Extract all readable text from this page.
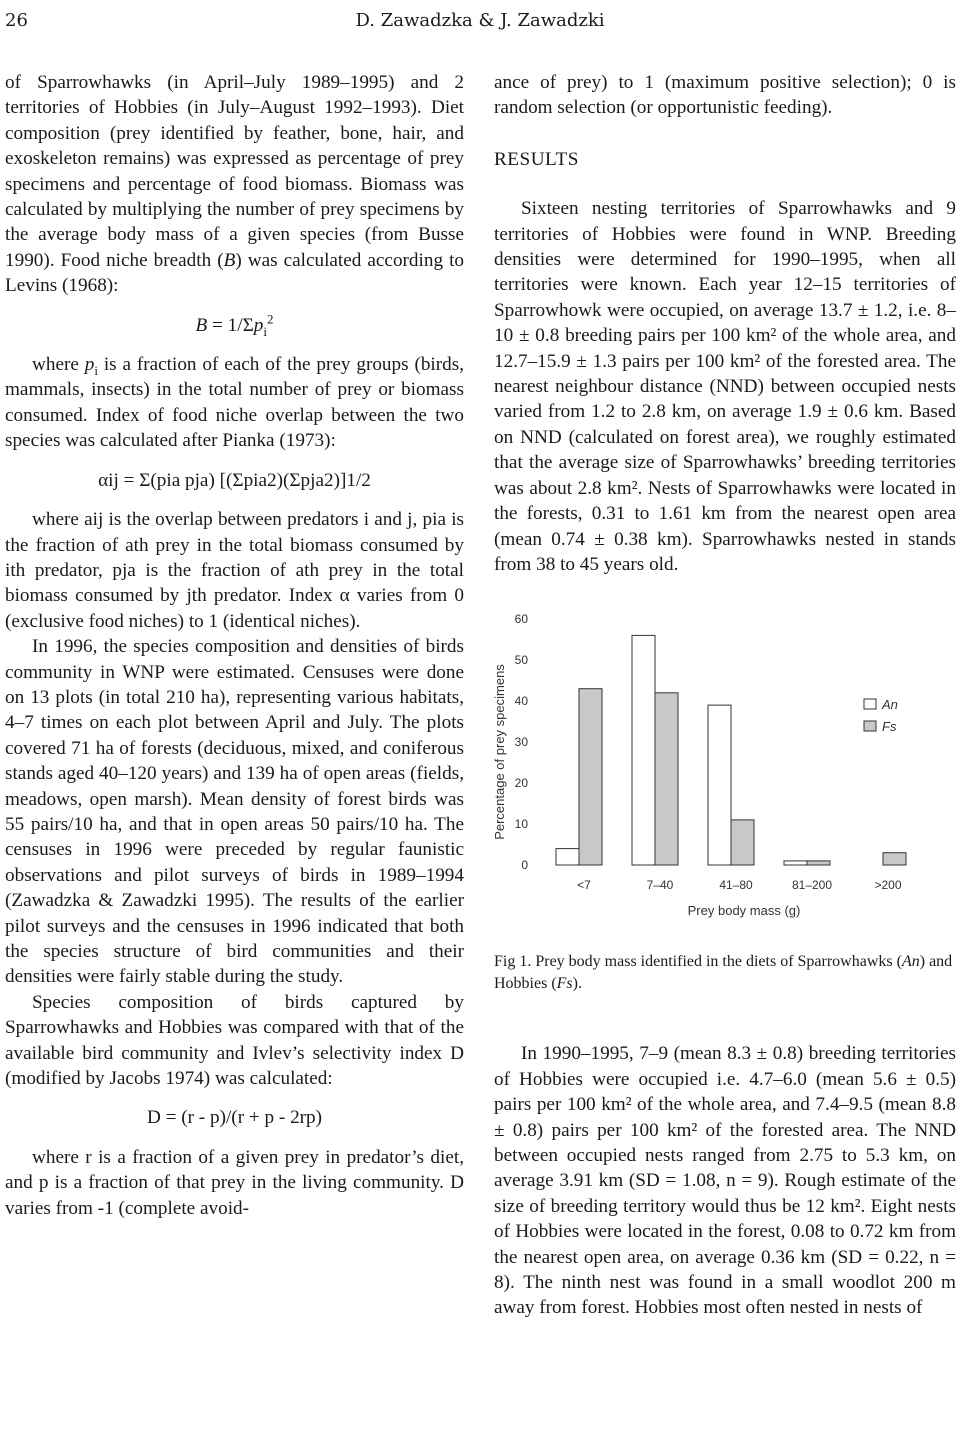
26	D. Zawadzka & J. Zawadzki

of Sparrowhawks (in April–July 1989–1995) and 2 territories of Hobbies (in July–August 1992–1993). Diet composition (prey identified by feather, bone, hair, and exoskeleton remains) was expressed as percentage of prey specimens and percentage of food biomass. Biomass was calculated by multiplying the number of prey specimens by the average body mass of a given species (from Busse 1990). Food niche breadth (B) was calculated according to Levins (1968):

$B = 1/\Sigma p_i^2$

where $p_i$ is a fraction of each of the prey groups (birds, mammals, insects) in the total number of prey or biomass consumed. Index of food niche overlap between the two species was calculated after Pianka (1973):

αij = Σ(pia pja) [(Σpia2)(Σpja2)]1/2

where aij is the overlap between predators i and j, pia is the fraction of ath prey in the total biomass consumed by ith predator, pja is the fraction of ath prey in the total biomass consumed by jth predator. Index α varies from 0 (exclusive food niches) to 1 (identical niches).

In 1996, the species composition and densities of birds community in WNP were estimated. Censuses were done on 13 plots (in total 210 ha), representing various habitats, 4–7 times on each plot between April and July. The plots covered 71 ha of forests (deciduous, mixed, and coniferous stands aged 40–120 years) and 139 ha of open areas (fields, meadows, open marsh). Mean density of forest birds was 55 pairs/10 ha, and that in open areas 50 pairs/10 ha. The censuses in 1996 were preceded by regular faunistic observations and pilot surveys of birds in 1989–1994 (Zawadzka & Zawadzki 1995). The results of the earlier pilot surveys and the censuses in 1996 indicated that both the species structure of bird communities and their densities were fairly stable during the study.

Species composition of birds captured by Sparrowhawks and Hobbies was compared with that of the available bird community and Ivlev’s selectivity index D (modified by Jacobs 1974) was calculated:

D = (r - p)/(r + p - 2rp)

where r is a fraction of a given prey in predator’s diet, and p is a fraction of that prey in the living community. D varies from -1 (complete avoid-

ance of prey) to 1 (maximum positive selection); 0 is random selection (or opportunistic feeding).

RESULTS

Sixteen nesting territories of Sparrowhawks and 9 territories of Hobbies were found in WNP. Breeding densities were determined for 1990–1995, when all territories were known. Each year 12–15 territories of Sparrowhowk were occupied, on average 13.7 ± 1.2, i.e. 8–10 ± 0.8 breeding pairs per 100 km² of the whole area, and 12.7–15.9 ± 1.3 pairs per 100 km² of the forested area. The nearest neighbour distance (NND) between occupied nests varied from 1.2 to 2.8 km, on average 1.9 ± 0.6 km. Based on NND (calculated on forest area), we roughly estimated that the average size of Sparrowhawks’ breeding territories was about 2.8 km². Nests of Sparrowhawks were located in the forests, 0.31 to 1.61 km from the nearest open area (mean 0.74 ± 0.38 km). Sparrowhawks nested in stands from 38 to 45 years old.

0
10
20
30
40
50
60
Percentage of prey specimens
<7	7–40	41–80	81–200	>200
Prey body mass (g)
An
Fs

Fig 1. Prey body mass identified in the diets of Sparrowhawks (An) and Hobbies (Fs).

In 1990–1995, 7–9 (mean 8.3 ± 0.8) breeding territories of Hobbies were occupied i.e. 4.7–6.0 (mean 5.6 ± 0.5) pairs per 100 km² of the whole area, and 7.4–9.5 (mean 8.8 ± 0.8) pairs per 100 km² of the forested area. The NND between occupied nests ranged from 2.75 to 5.3 km, on average 3.91 km (SD = 1.08, n = 9). Rough estimate of the size of breeding territory would thus be 12 km². Eight nests of Hobbies were located in the forest, 0.08 to 0.72 km from the nearest open area, on average 0.36 km (SD = 0.22, n = 8). The ninth nest was found in a small woodlot 200 m away from forest. Hobbies most often nested in nests of
